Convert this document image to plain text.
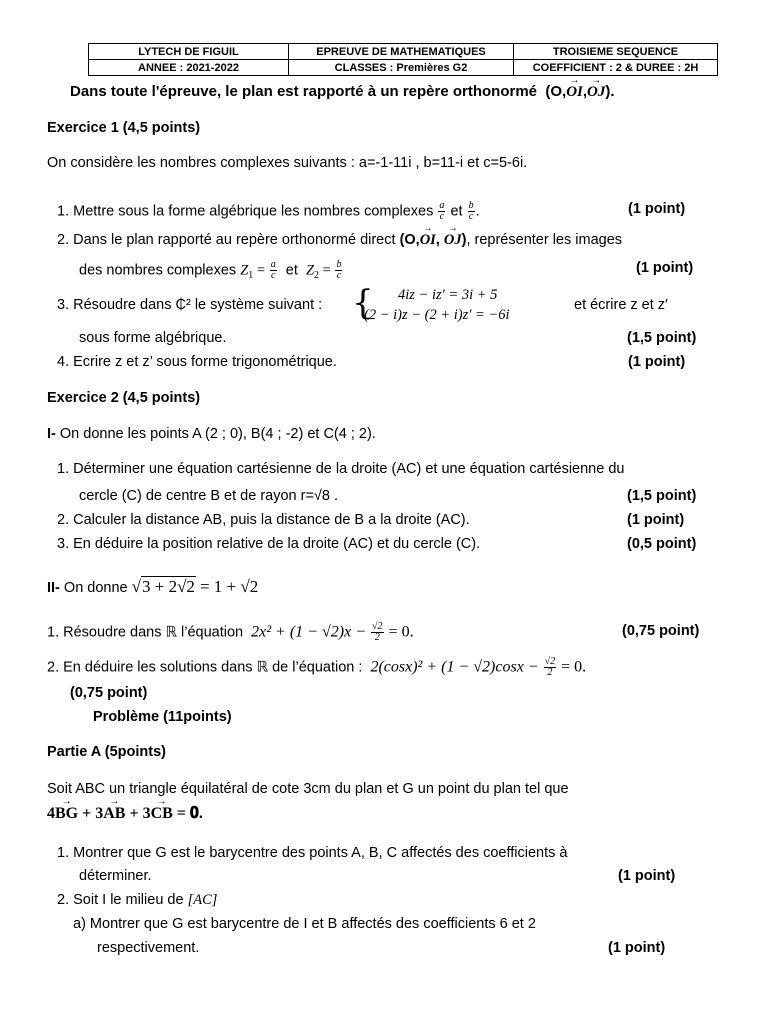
LYTECH DE FIGUIL	EPREUVE DE MATHEMATIQUES	TROISIEME SEQUENCE
ANNEE : 2021-2022	CLASSES : Premières G2	COEFFICIENT : 2 & DUREE : 2H
Dans toute l'épreuve, le plan est rapporté à un repère orthonormé  (O,→ OI,→ OJ).
Exercice 1 (4,5 points)
On considère les nombres complexes suivants : a=-1-11i , b=11-i et c=5-6i.
1. Mettre sous la forme algébrique les nombres complexes $\frac{a}{c}$ et $\frac{b}{c}$ .	(1 point)
2. Dans le plan rapporté au repère orthonormé direct (O,→ OI, → OJ), représenter les images
des nombres complexes $Z_1 = \frac{a}{c}$ et  $Z_2 = \frac{b}{c}$	(1 point)
3. Résoudre dans ₵² le système suivant : { 4iz − iz′ = 3i + 5
(2 − i)z − (2 + i)z′ = −6i
et écrire z et z′
sous forme algébrique.	(1,5 point)
4. Ecrire z et z’ sous forme trigonométrique.	(1 point)
Exercice 2 (4,5 points)
I- On donne les points A (2 ; 0), B(4 ; -2) et C(4 ; 2).
1. Déterminer une équation cartésienne de la droite (AC) et une équation cartésienne du
cercle (C) de centre B et de rayon r=√8 .	(1,5 point)
2. Calculer la distance AB, puis la distance de B a la droite (AC).	(1 point)
3. En déduire la position relative de la droite (AC) et du cercle (C).	(0,5 point)
II- On donne √3 + 2√2 = 1 + √2
1. Résoudre dans ℝ l’équation $2x^2 + (1 - √2)x - \frac{√2}{2} = 0$.	(0,75 point)
2. En déduire les solutions dans ℝ de l’équation : $2(\cos x)^2 + (1 - √2)\cos x - \frac{√2}{2} = 0$.
(0,75 point)
Problème (11points)
Partie A (5points)
Soit ABC un triangle équilatéral de cote 3cm du plan et G un point du plan tel que
4→ BG + 3→ AB + 3→ CB = 𝟎.
1. Montrer que G est le barycentre des points A, B, C affectés des coefficients à
déterminer.	(1 point)
2. Soit I le milieu de [AC]
a) Montrer que G est barycentre de I et B affectés des coefficients 6 et 2
respectivement.	(1 point)
